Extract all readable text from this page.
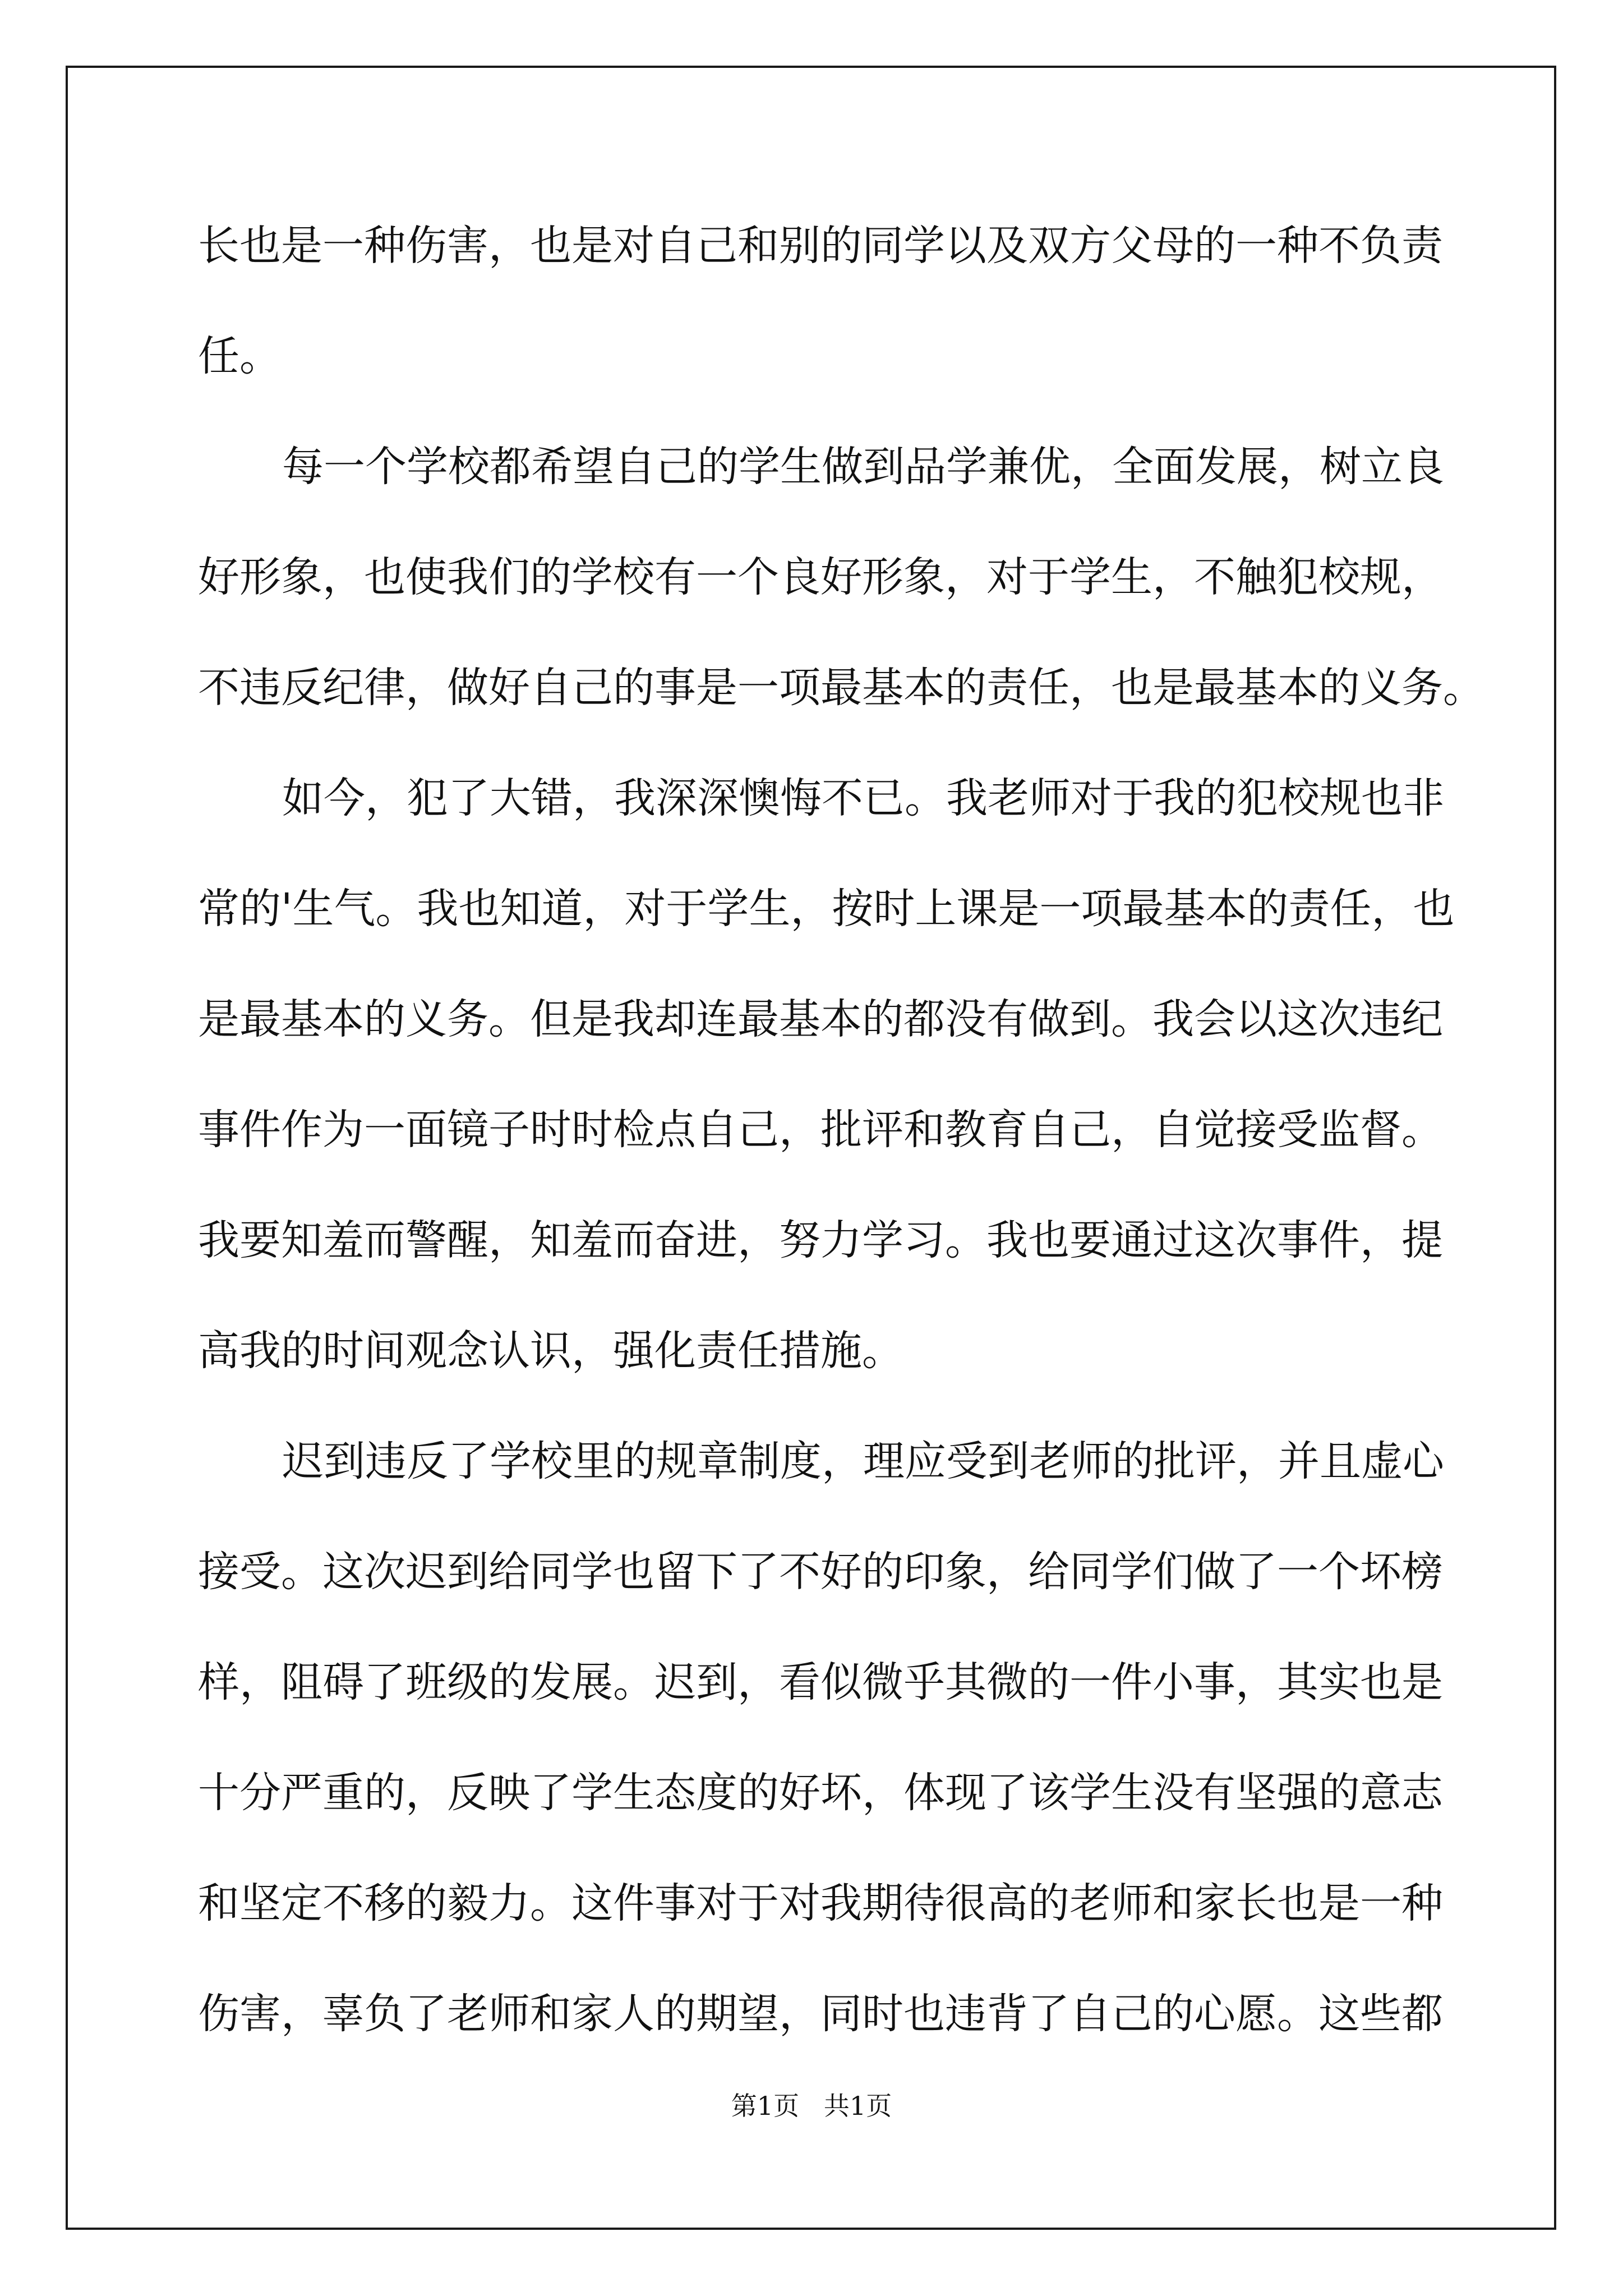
长也是一种伤害，也是对自己和别的同学以及双方父母的一种不负责
任。
每一个学校都希望自己的学生做到品学兼优，全面发展，树立良
好形象，也使我们的学校有一个良好形象，对于学生，不触犯校规，
不违反纪律，做好自己的事是一项最基本的责任，也是最基本的义务。
如今，犯了大错，我深深懊悔不已。我老师对于我的犯校规也非
常的'生气。我也知道，对于学生，按时上课是一项最基本的责任，也
是最基本的义务。但是我却连最基本的都没有做到。我会以这次违纪
事件作为一面镜子时时检点自己，批评和教育自己，自觉接受监督。
我要知羞而警醒，知羞而奋进，努力学习。我也要通过这次事件，提
高我的时间观念认识，强化责任措施。
迟到违反了学校里的规章制度，理应受到老师的批评，并且虚心
接受。这次迟到给同学也留下了不好的印象，给同学们做了一个坏榜
样，阻碍了班级的发展。迟到，看似微乎其微的一件小事，其实也是
十分严重的，反映了学生态度的好坏，体现了该学生没有坚强的意志
和坚定不移的毅力。这件事对于对我期待很高的老师和家长也是一种
伤害，辜负了老师和家人的期望，同时也违背了自己的心愿。这些都
第1页   共1页
